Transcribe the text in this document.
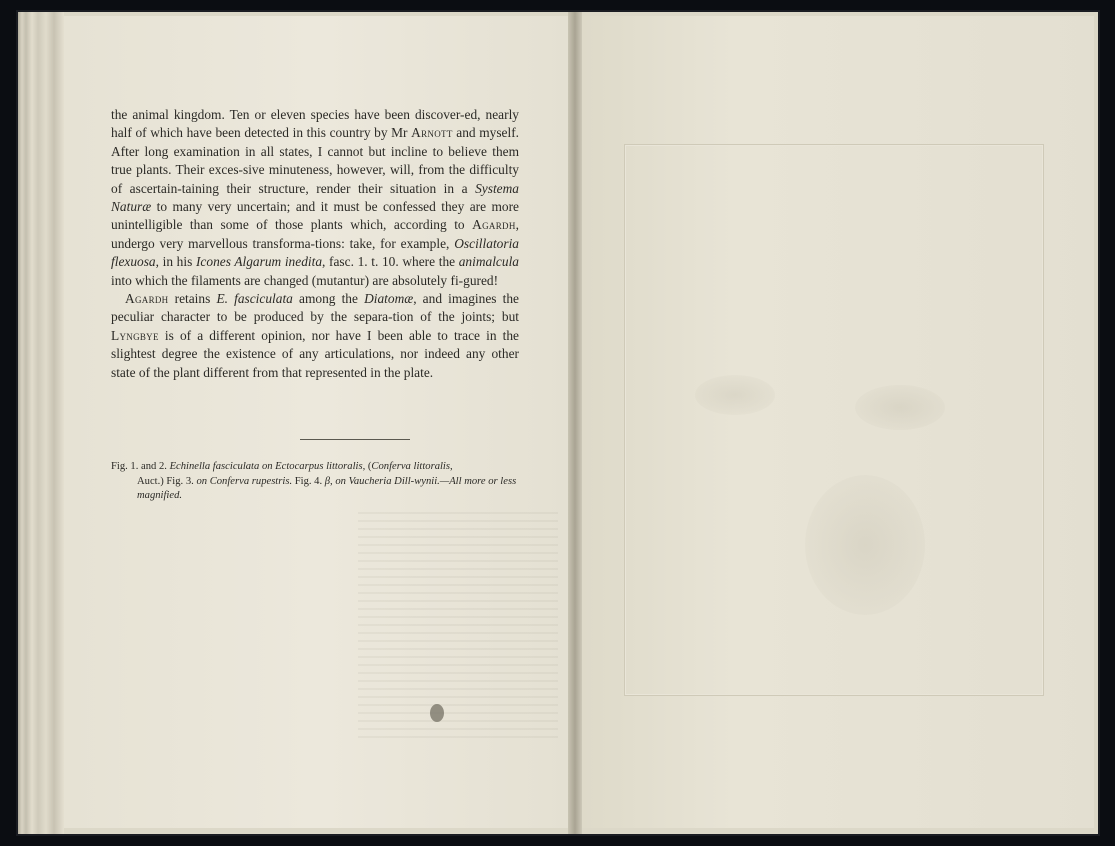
the animal kingdom. Ten or eleven species have been discover-ed, nearly half of which have been detected in this country by Mr Arnott and myself. After long examination in all states, I cannot but incline to believe them true plants. Their exces-sive minuteness, however, will, from the difficulty of ascertain-taining their structure, render their situation in a Systema Naturæ to many very uncertain; and it must be confessed they are more unintelligible than some of those plants which, according to Agardh, undergo very marvellous transforma-tions: take, for example, Oscillatoria flexuosa, in his Icones Algarum inedita, fasc. 1. t. 10. where the animalcula into which the filaments are changed (mutantur) are absolutely fi-gured!

Agardh retains E. fasciculata among the Diatomæ, and imagines the peculiar character to be produced by the separa-tion of the joints; but Lyngbye is of a different opinion, nor have I been able to trace in the slightest degree the existence of any articulations, nor indeed any other state of the plant different from that represented in the plate.

Fig. 1. and 2. Echinella fasciculata on Ectocarpus littoralis, (Conferva littoralis,
Auct.) Fig. 3. on Conferva rupestris. Fig. 4. β, on Vaucheria Dill-wynii.—All more or less magnified.
